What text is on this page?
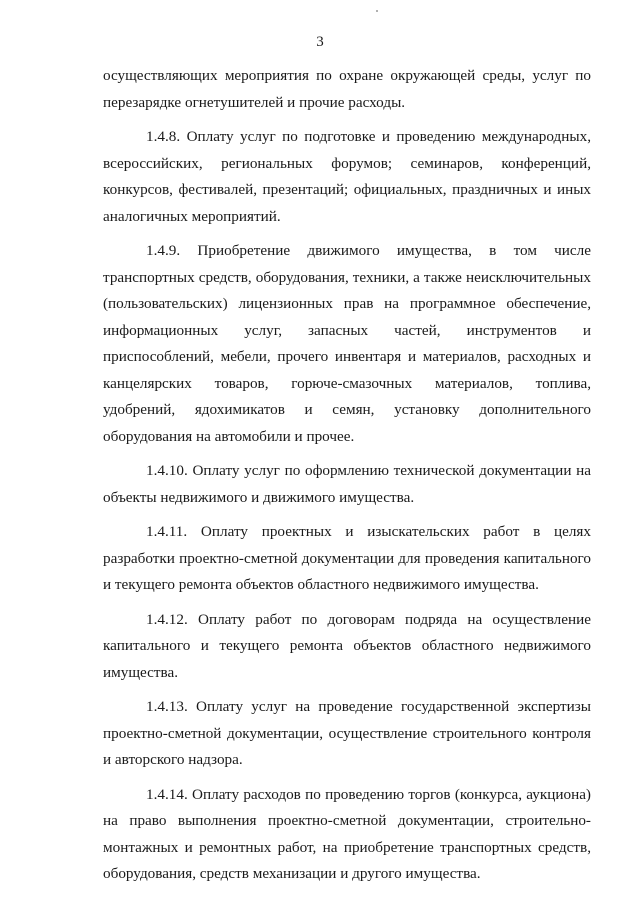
3

осуществляющих мероприятия по охране окружающей среды, услуг по перезарядке огнетушителей и прочие расходы.

1.4.8. Оплату услуг по подготовке и проведению международных, всероссийских, региональных форумов; семинаров, конференций, конкурсов, фестивалей, презентаций; официальных, праздничных и иных аналогичных мероприятий.

1.4.9. Приобретение движимого имущества, в том числе транспортных средств, оборудования, техники, а также неисключительных (пользовательских) лицензионных прав на программное обеспечение, информационных услуг, запасных частей, инструментов и приспособлений, мебели, прочего инвентаря и материалов, расходных и канцелярских товаров, горюче-смазочных материалов, топлива, удобрений, ядохимикатов и семян, установку дополнительного оборудования на автомобили и прочее.

1.4.10. Оплату услуг по оформлению технической документации на объекты недвижимого и движимого имущества.

1.4.11. Оплату проектных и изыскательских работ в целях разработки проектно-сметной документации для проведения капитального и текущего ремонта объектов областного недвижимого имущества.

1.4.12. Оплату работ по договорам подряда на осуществление капитального и текущего ремонта объектов областного недвижимого имущества.

1.4.13. Оплату услуг на проведение государственной экспертизы проектно-сметной документации, осуществление строительного контроля и авторского надзора.

1.4.14. Оплату расходов по проведению торгов (конкурса, аукциона) на право выполнения проектно-сметной документации, строительно-монтажных и ремонтных работ, на приобретение транспортных средств, оборудования, средств механизации и другого имущества.
